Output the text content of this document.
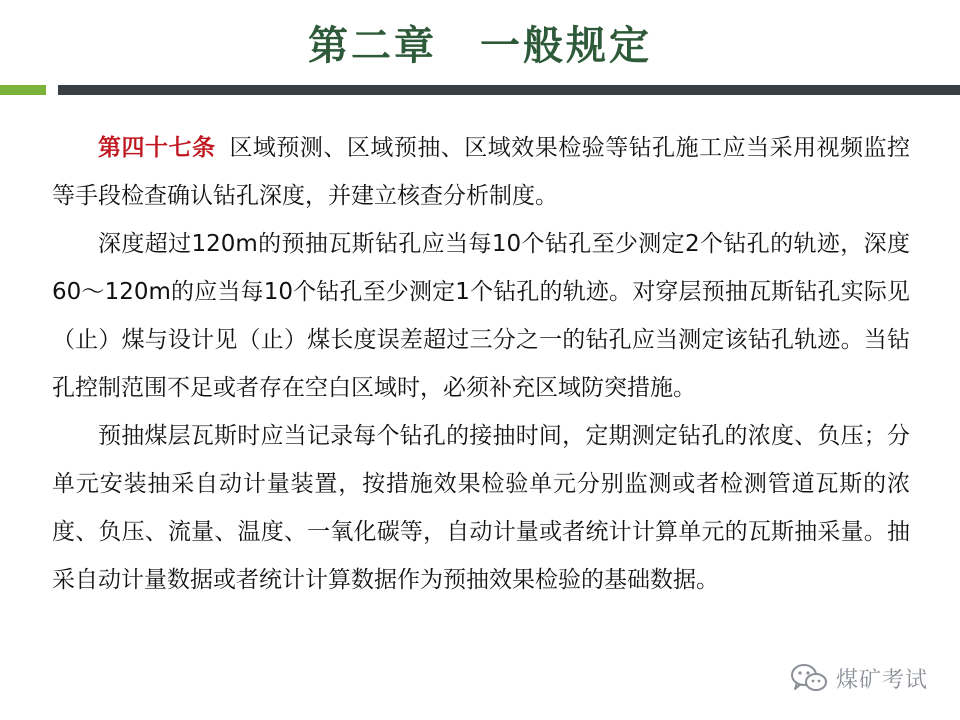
第二章　一般规定

第四十七条 区域预测、区域预抽、区域效果检验等钻孔施工应当采用视频监控等手段检查确认钻孔深度，并建立核查分析制度。

深度超过120m的预抽瓦斯钻孔应当每10个钻孔至少测定2个钻孔的轨迹，深度60～120m的应当每10个钻孔至少测定1个钻孔的轨迹。对穿层预抽瓦斯钻孔实际见（止）煤与设计见（止）煤长度误差超过三分之一的钻孔应当测定该钻孔轨迹。当钻孔控制范围不足或者存在空白区域时，必须补充区域防突措施。

预抽煤层瓦斯时应当记录每个钻孔的接抽时间，定期测定钻孔的浓度、负压；分单元安装抽采自动计量装置，按措施效果检验单元分别监测或者检测管道瓦斯的浓度、负压、流量、温度、一氧化碳等，自动计量或者统计计算单元的瓦斯抽采量。抽采自动计量数据或者统计计算数据作为预抽效果检验的基础数据。

煤矿考试
